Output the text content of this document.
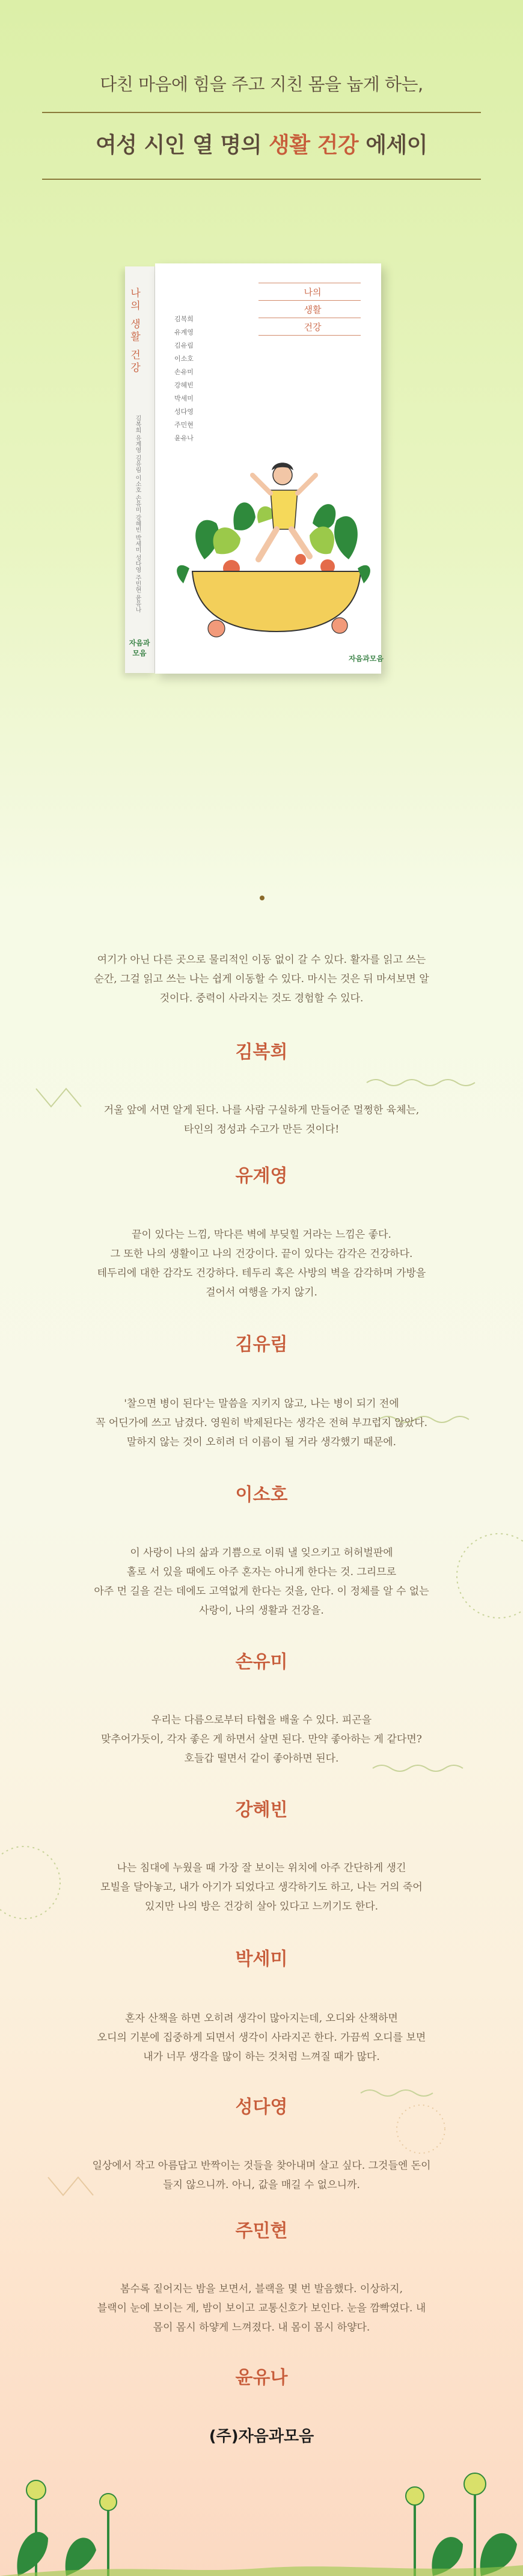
다친 마음에 힘을 주고 지친 몸을 눕게 하는,
여성 시인 열 명의 생활 건강 에세이
나의 생활 건강
김복희 유계영 김유림 이소호 손유미 강혜빈 박세미 성다영 주민현 윤유나
자음과모음
나의
생활
건강
김복희
유계영
김유림
이소호
손유미
강혜빈
박세미
성다영
주민현
윤유나
자음과모음
여기가 아닌 다른 곳으로 물리적인 이동 없이 갈 수 있다. 활자를 읽고 쓰는
순간, 그걸 읽고 쓰는 나는 쉽게 이동할 수 있다. 마시는 것은 뒤 마셔보면 알
것이다. 중력이 사라지는 것도 경험할 수 있다.
김복희
거울 앞에 서면 알게 된다. 나를 사람 구실하게 만들어준 멀쩡한 육체는,
타인의 정성과 수고가 만든 것이다!
유계영
끝이 있다는 느낌, 막다른 벽에 부딪힐 거라는 느낌은 좋다.
그 또한 나의 생활이고 나의 건강이다. 끝이 있다는 감각은 건강하다.
테두리에 대한 감각도 건강하다. 테두리 혹은 사방의 벽을 감각하며 가방을
걸어서 여행을 가지 않기.
김유림
'찰으면 병이 된다'는 말씀을 지키지 않고, 나는 병이 되기 전에
꼭 어딘가에 쓰고 남겼다. 영원히 박제된다는 생각은 전혀 부끄럽지 않았다.
말하지 않는 것이 오히려 더 이름이 될 거라 생각했기 때문에.
이소호
이 사랑이 나의 삶과 기쁨으로 이뤄 낼 잊으키고 허허벌판에
홀로 서 있을 때에도 아주 혼자는 아니게 한다는 것. 그리므로
아주 먼 길을 걷는 데에도 고역없게 한다는 것을, 안다. 이 정체를 알 수 없는
사랑이, 나의 생활과 건강을.
손유미
우리는 다름으로부터 타협을 배울 수 있다. 피곤을
맞추어가듯이, 각자 좋은 게 하면서 살면 된다. 만약 좋아하는 게 같다면?
호들갑 떨면서 같이 좋아하면 된다.
강혜빈
나는 침대에 누웠을 때 가장 잘 보이는 위치에 아주 간단하게 생긴
모빌을 달아놓고, 내가 아기가 되었다고 생각하기도 하고, 나는 거의 죽어
있지만 나의 방은 건강히 살아 있다고 느끼기도 한다.
박세미
혼자 산책을 하면 오히려 생각이 많아지는데, 오디와 산책하면
오디의 기분에 집중하게 되면서 생각이 사라지곤 한다. 가끔씩 오디를 보면
내가 너무 생각을 많이 하는 것처럼 느껴질 때가 많다.
성다영
일상에서 작고 아름답고 반짝이는 것들을 찾아내며 살고 싶다. 그것들엔 돈이
들지 않으니까. 아니, 값을 매길 수 없으니까.
주민현
봄수록 짙어지는 밤을 보면서, 블랙을 몇 번 발음했다. 이상하지,
블랙이 눈에 보이는 게, 밤이 보이고 교통신호가 보인다. 눈을 깜빡였다. 내
몸이 몸시 하얗게 느껴졌다. 내 몸이 몸시 하얗다.
윤유나
(주)자음과모음
